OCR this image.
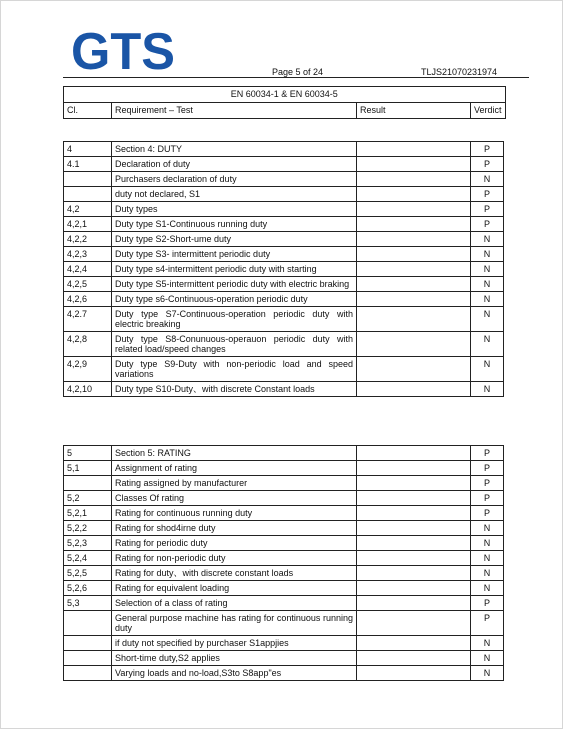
GTS	Page 5 of 24	TLJS21070231974
EN 60034-1 & EN 60034-5
Cl.	Requirement – Test	Result	Verdict
4	Section 4: DUTY		P
4.1	Declaration of duty		P
	Purchasers declaration of duty		N
	duty not declared, S1		P
4,2	Duty types		P
4,2,1	Duty type S1-Continuous running duty		P
4,2,2	Duty type S2-Short-ume duty		N
4,2,3	Duty type S3- intermittent periodic duty		N
4,2,4	Duty type s4-intermittent periodic duty with starting		N
4,2,5	Duty type S5-intermittent periodic duty with electric braking		N
4,2,6	Duty type s6-Continuous-operation periodic duty		N
4,2.7	Duty type S7-Continuous-operation periodic duty with electric breaking		N
4,2,8	Duty type S8-Conunuous-operauon periodic duty with related load/speed changes		N
4,2,9	Duty type S9-Duty with non-periodic load and speed variations		N
4,2,10	Duty type S10-Duty、with discrete Constant loads		N
5	Section 5: RATING		P
5,1	Assignment of rating		P
	Rating assigned by manufacturer		P
5,2	Classes Of rating		P
5,2,1	Rating for continuous running duty		P
5,2,2	Rating for shod4irne duty		N
5,2,3	Rating for periodic duty		N
5,2,4	Rating for non-periodic duty		N
5,2,5	Rating for duty、with discrete constant loads		N
5,2,6	Rating for equivalent loading		N
5,3	Selection of a class of rating		P
	General purpose machine has rating for continuous running duty		P
	if duty not specified by purchaser S1appjies		N
	Short-time duty,S2 applies		N
	Varying loads and no-load,S3to S8app"es		N
